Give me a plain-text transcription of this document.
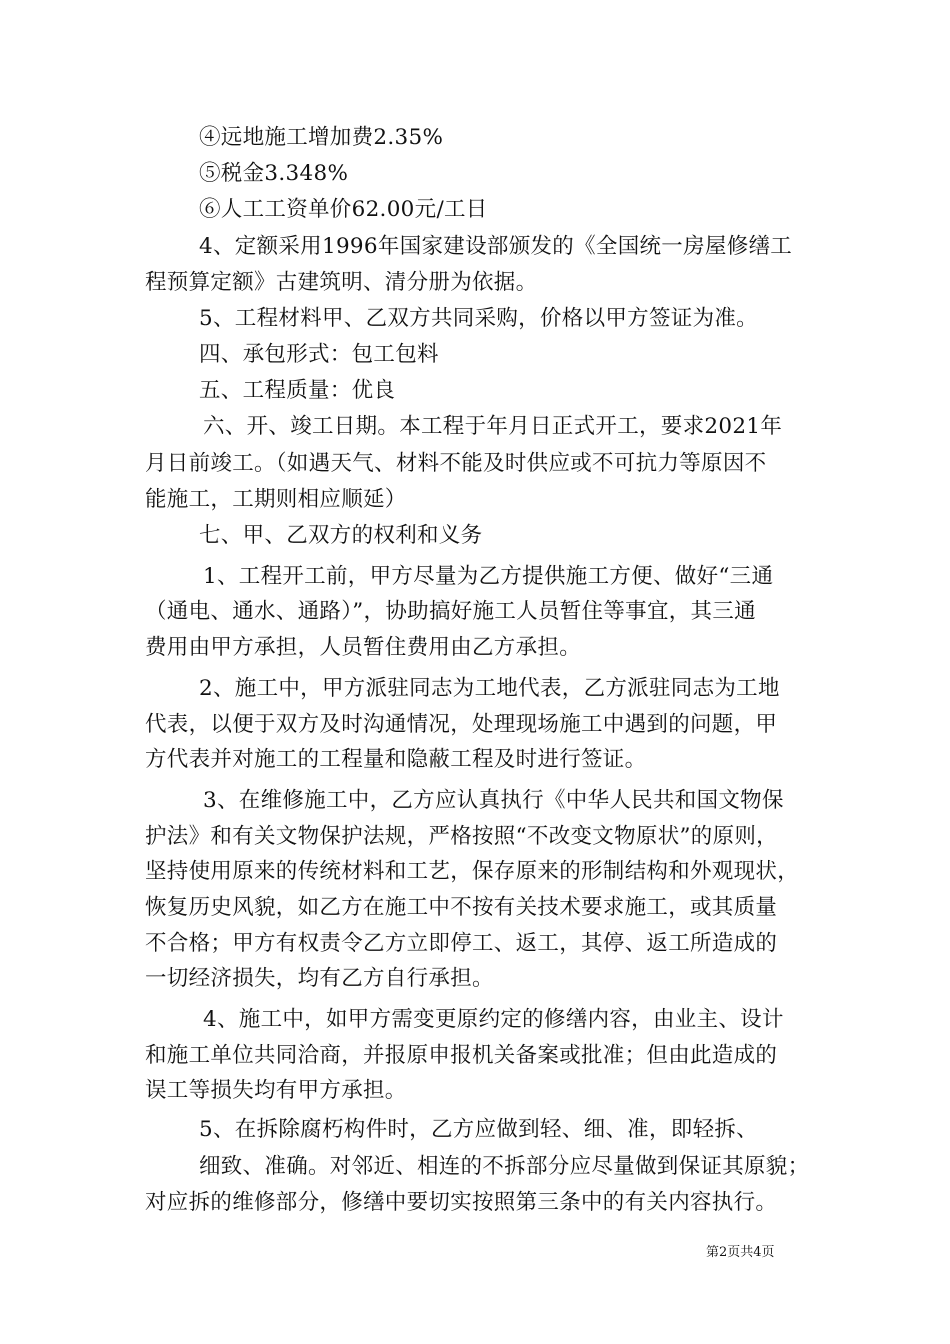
④远地施工增加费2.35%
⑤税金3.348%
⑥人工工资单价62.00元/工日
4、定额采用1996年国家建设部颁发的《全国统一房屋修缮工
程预算定额》古建筑明、清分册为依据。
5、工程材料甲、乙双方共同采购，价格以甲方签证为准。
四、承包形式：包工包料
五、工程质量：优良
六、开、竣工日期。本工程于年月日正式开工，要求2021年
月日前竣工。（如遇天气、材料不能及时供应或不可抗力等原因不
能施工，工期则相应顺延）
七、甲、乙双方的权利和义务
1、工程开工前，甲方尽量为乙方提供施工方便、做好“三通
（通电、通水、通路）”，协助搞好施工人员暂住等事宜，其三通
费用由甲方承担，人员暂住费用由乙方承担。
2、施工中，甲方派驻同志为工地代表，乙方派驻同志为工地
代表，以便于双方及时沟通情况，处理现场施工中遇到的问题，甲
方代表并对施工的工程量和隐蔽工程及时进行签证。
3、在维修施工中，乙方应认真执行《中华人民共和国文物保
护法》和有关文物保护法规，严格按照“不改变文物原状”的原则，
坚持使用原来的传统材料和工艺，保存原来的形制结构和外观现状，
恢复历史风貌，如乙方在施工中不按有关技术要求施工，或其质量
不合格；甲方有权责令乙方立即停工、返工，其停、返工所造成的
一切经济损失，均有乙方自行承担。
4、施工中，如甲方需变更原约定的修缮内容，由业主、设计
和施工单位共同洽商，并报原申报机关备案或批准；但由此造成的
误工等损失均有甲方承担。
5、在拆除腐朽构件时，乙方应做到轻、细、准，即轻拆、
细致、准确。对邻近、相连的不拆部分应尽量做到保证其原貌；
对应拆的维修部分，修缮中要切实按照第三条中的有关内容执行。
第2页共4页
